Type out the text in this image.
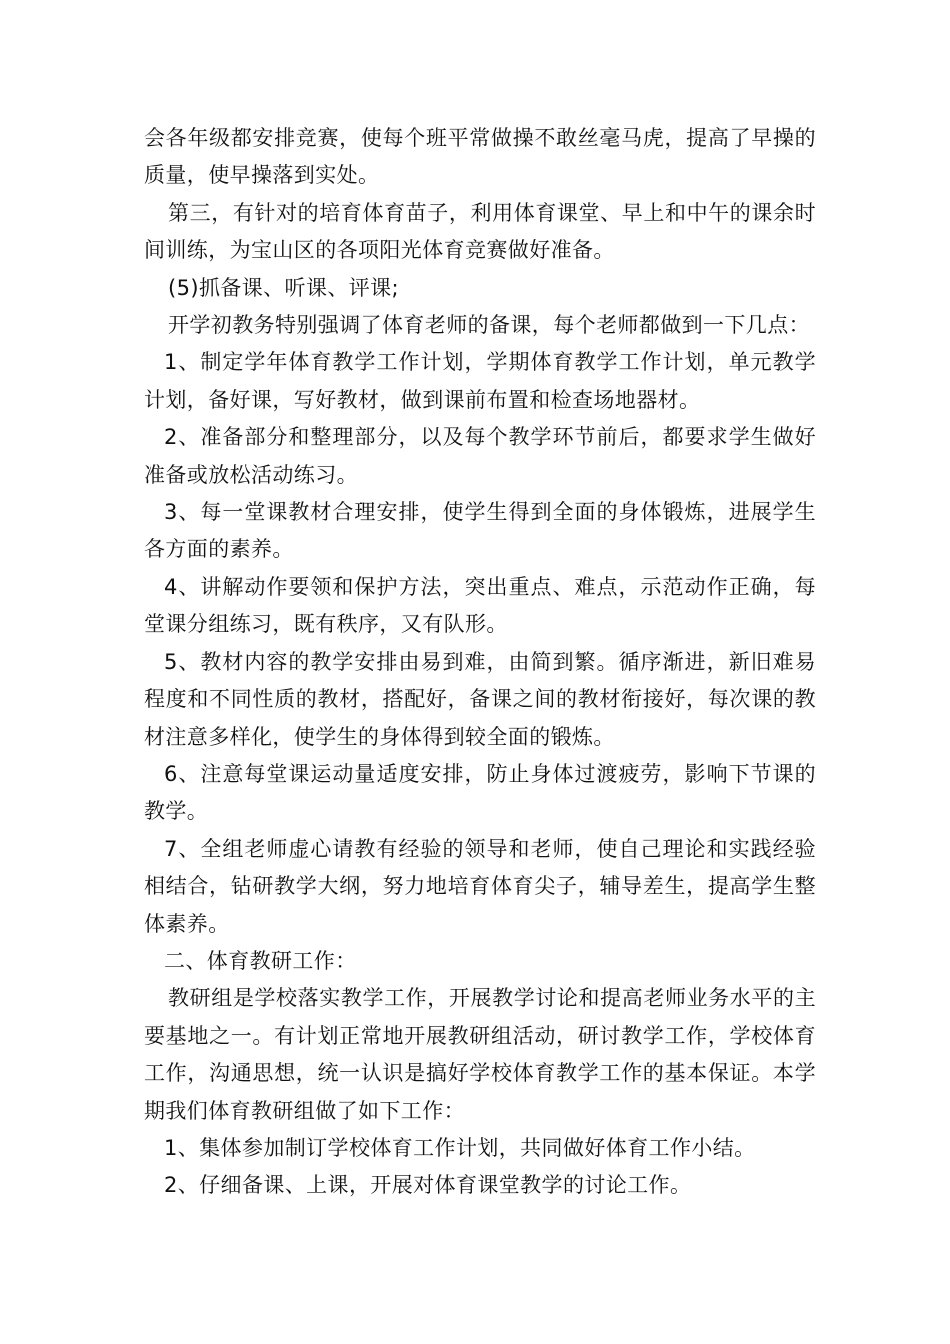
会各年级都安排竞赛，使每个班平常做操不敢丝毫马虎，提高了早操的质量，使早操落到实处。

第三，有针对的培育体育苗子，利用体育课堂、早上和中午的课余时间训练，为宝山区的各项阳光体育竞赛做好准备。

(5)抓备课、听课、评课;

开学初教务特别强调了体育老师的备课，每个老师都做到一下几点：

1、制定学年体育教学工作计划，学期体育教学工作计划，单元教学计划，备好课，写好教材，做到课前布置和检查场地器材。

2、准备部分和整理部分，以及每个教学环节前后，都要求学生做好准备或放松活动练习。

3、每一堂课教材合理安排，使学生得到全面的身体锻炼，进展学生各方面的素养。

4、讲解动作要领和保护方法，突出重点、难点，示范动作正确，每堂课分组练习，既有秩序，又有队形。

5、教材内容的教学安排由易到难，由简到繁。循序渐进，新旧难易程度和不同性质的教材，搭配好，备课之间的教材衔接好，每次课的教材注意多样化，使学生的身体得到较全面的锻炼。

6、注意每堂课运动量适度安排，防止身体过渡疲劳，影响下节课的教学。

7、全组老师虚心请教有经验的领导和老师，使自己理论和实践经验相结合，钻研教学大纲，努力地培育体育尖子，辅导差生，提高学生整体素养。

二、体育教研工作：

教研组是学校落实教学工作，开展教学讨论和提高老师业务水平的主要基地之一。有计划正常地开展教研组活动，研讨教学工作，学校体育工作，沟通思想，统一认识是搞好学校体育教学工作的基本保证。本学期我们体育教研组做了如下工作：

1、集体参加制订学校体育工作计划，共同做好体育工作小结。

2、仔细备课、上课，开展对体育课堂教学的讨论工作。
